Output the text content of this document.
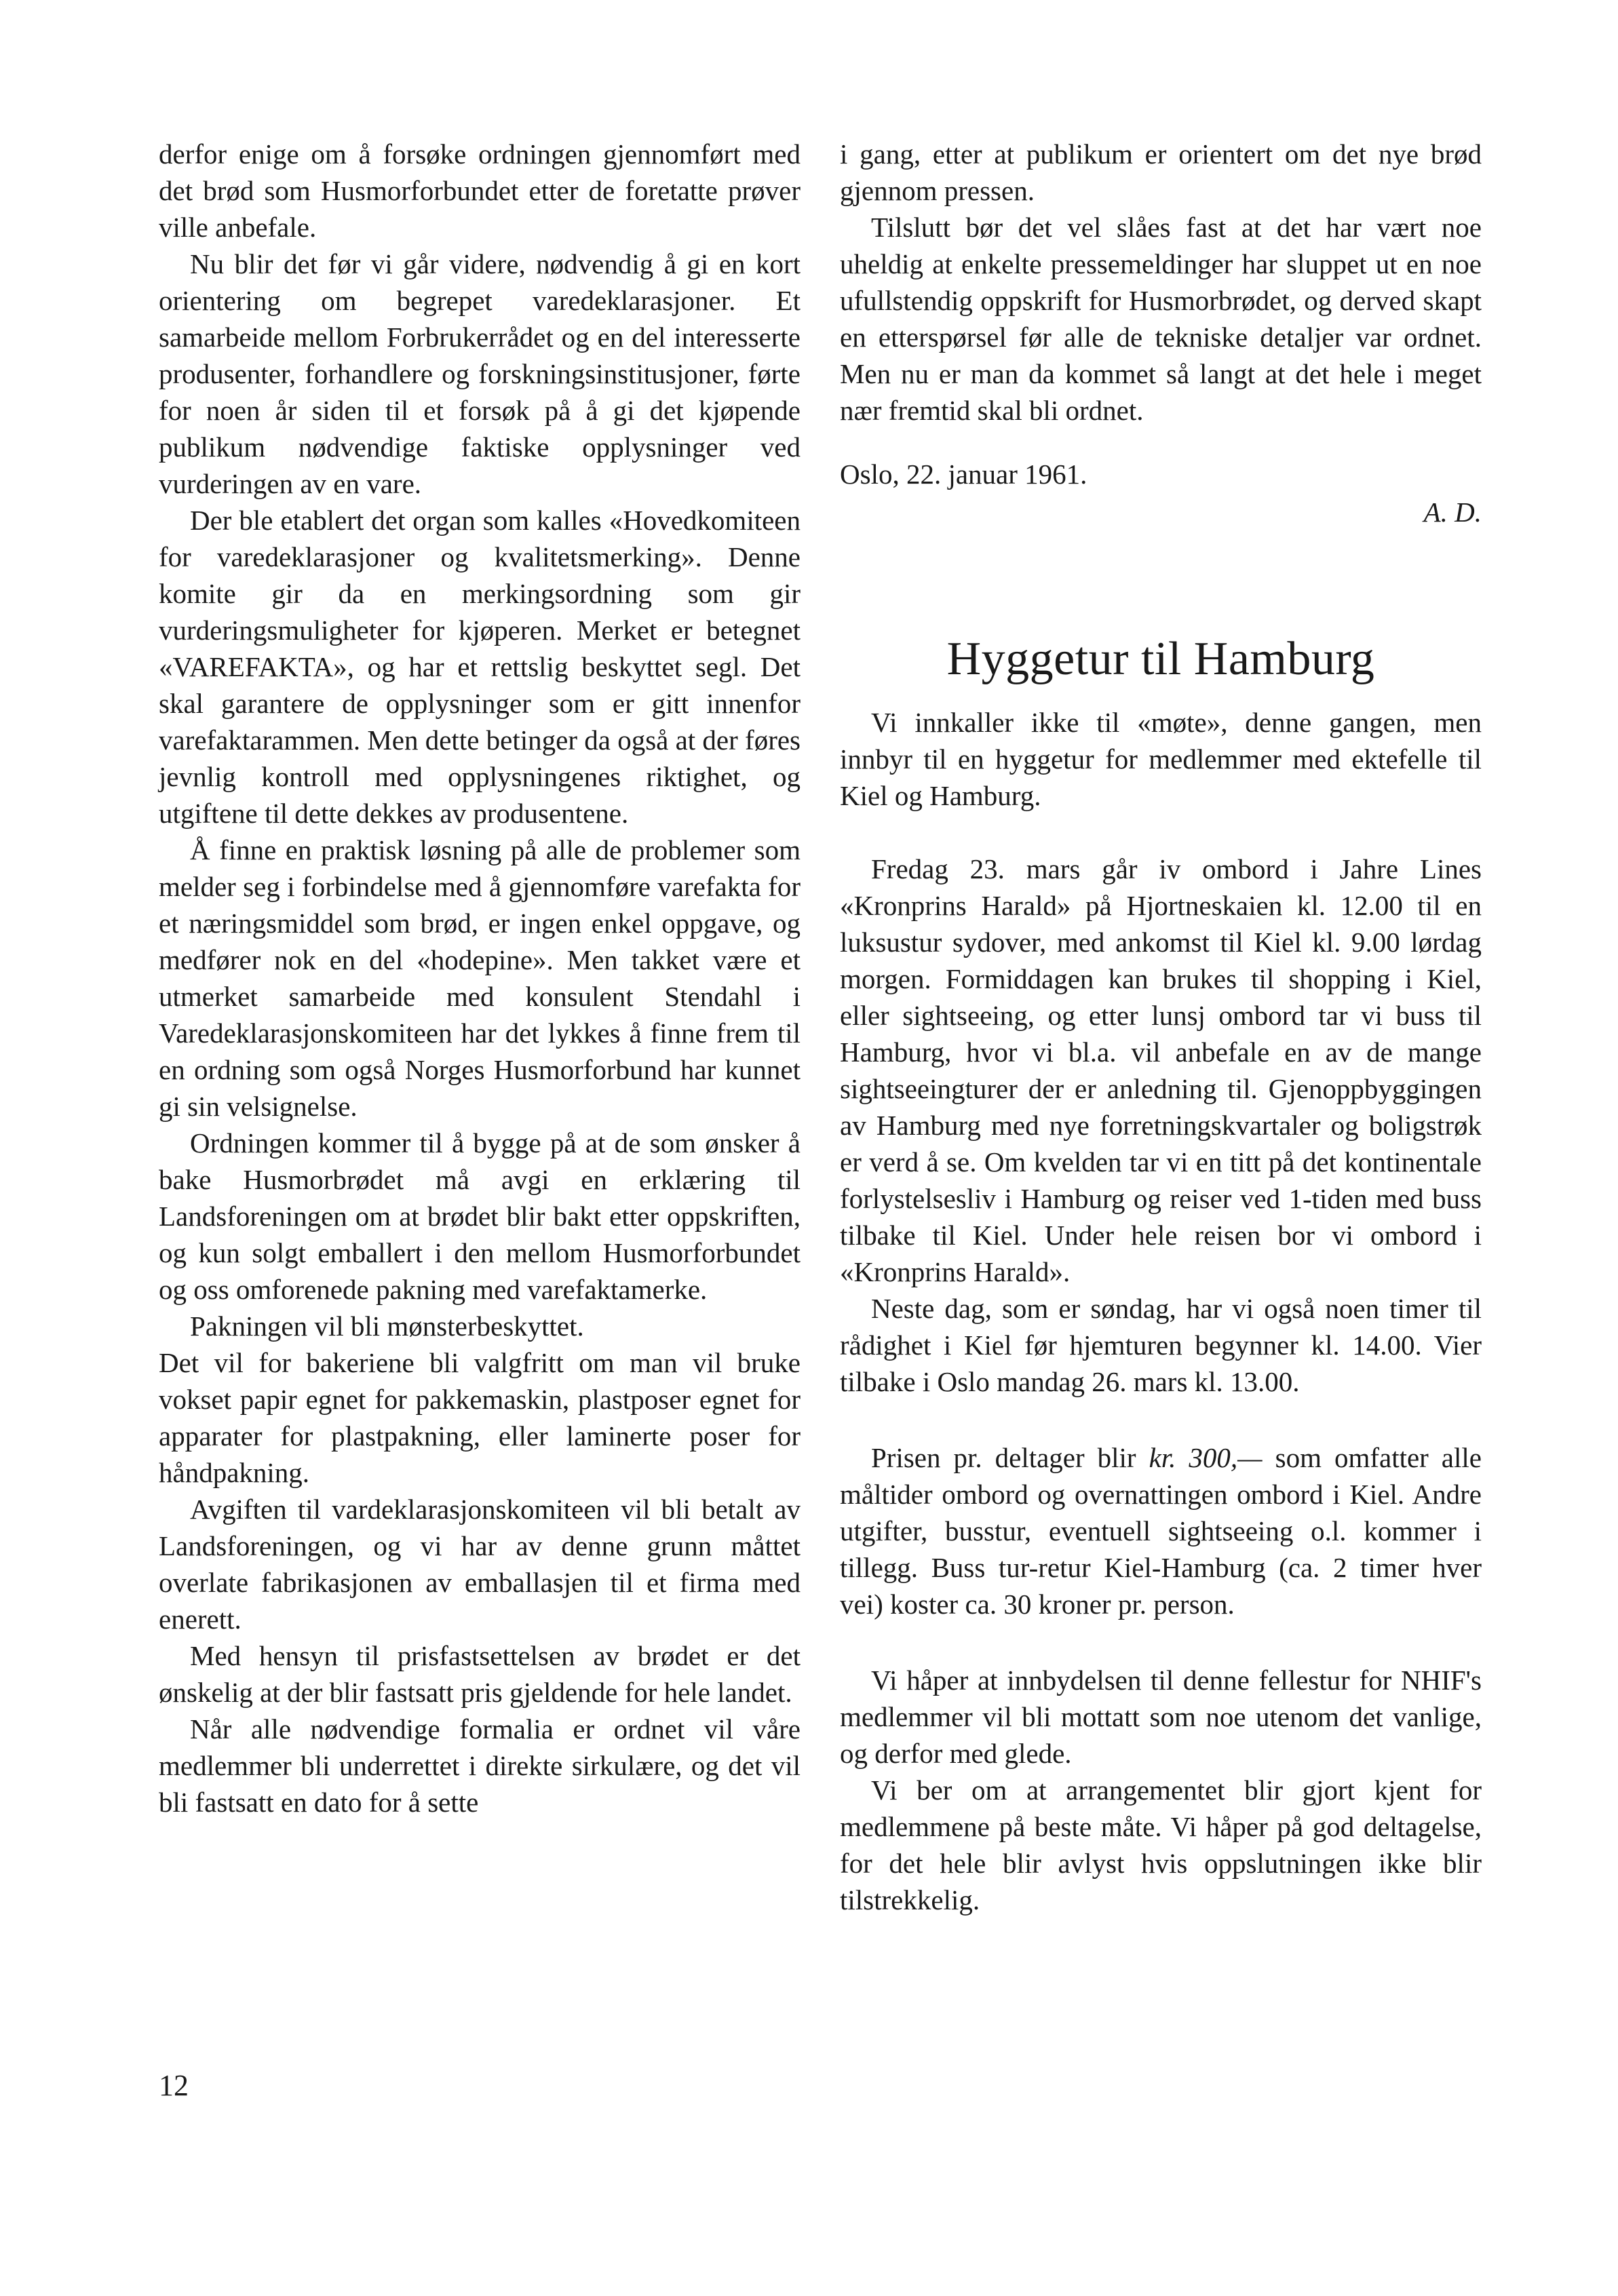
derfor enige om å forsøke ordningen gjennomført med det brød som Husmorforbundet etter de foretatte prøver ville anbefale.

Nu blir det før vi går videre, nødvendig å gi en kort orientering om begrepet varedeklarasjoner. Et samarbeide mellom Forbrukerrådet og en del interesserte produsenter, forhandlere og forskningsinstitusjoner, førte for noen år siden til et forsøk på å gi det kjøpende publikum nødvendige faktiske opplysninger ved vurderingen av en vare.

Der ble etablert det organ som kalles «Hovedkomiteen for varedeklarasjoner og kvalitetsmerking». Denne komite gir da en merkingsordning som gir vurderingsmuligheter for kjøperen. Merket er betegnet «VAREFAKTA», og har et rettslig beskyttet segl. Det skal garantere de opplysninger som er gitt innenfor varefaktarammen. Men dette betinger da også at der føres jevnlig kontroll med opplysningenes riktighet, og utgiftene til dette dekkes av produsentene.

Å finne en praktisk løsning på alle de problemer som melder seg i forbindelse med å gjennomføre varefakta for et næringsmiddel som brød, er ingen enkel oppgave, og medfører nok en del «hodepine». Men takket være et utmerket samarbeide med konsulent Stendahl i Varedeklarasjonskomiteen har det lykkes å finne frem til en ordning som også Norges Husmorforbund har kunnet gi sin velsignelse.

Ordningen kommer til å bygge på at de som ønsker å bake Husmorbrødet må avgi en erklæring til Landsforeningen om at brødet blir bakt etter oppskriften, og kun solgt emballert i den mellom Husmorforbundet og oss omforenede pakning med varefaktamerke.

Pakningen vil bli mønsterbeskyttet.

Det vil for bakeriene bli valgfritt om man vil bruke vokset papir egnet for pakkemaskin, plastposer egnet for apparater for plastpakning, eller laminerte poser for håndpakning.

Avgiften til vardeklarasjonskomiteen vil bli betalt av Landsforeningen, og vi har av denne grunn måttet overlate fabrikasjonen av emballasjen til et firma med enerett.

Med hensyn til prisfastsettelsen av brødet er det ønskelig at der blir fastsatt pris gjeldende for hele landet.

Når alle nødvendige formalia er ordnet vil våre medlemmer bli underrettet i direkte sirkulære, og det vil bli fastsatt en dato for å sette

i gang, etter at publikum er orientert om det nye brød gjennom pressen.

Tilslutt bør det vel slåes fast at det har vært noe uheldig at enkelte pressemeldinger har sluppet ut en noe ufullstendig oppskrift for Husmorbrødet, og derved skapt en etterspørsel før alle de tekniske detaljer var ordnet. Men nu er man da kommet så langt at det hele i meget nær fremtid skal bli ordnet.

Oslo, 22. januar 1961.

A. D.

Hyggetur til Hamburg

Vi innkaller ikke til «møte», denne gangen, men innbyr til en hyggetur for medlemmer med ektefelle til Kiel og Hamburg.

Fredag 23. mars går iv ombord i Jahre Lines «Kronprins Harald» på Hjortneskaien kl. 12.00 til en luksustur sydover, med ankomst til Kiel kl. 9.00 lørdag morgen. Formiddagen kan brukes til shopping i Kiel, eller sightseeing, og etter lunsj ombord tar vi buss til Hamburg, hvor vi bl.a. vil anbefale en av de mange sightseeingturer der er anledning til. Gjenoppbyggingen av Hamburg med nye forretningskvartaler og boligstrøk er verd å se. Om kvelden tar vi en titt på det kontinentale forlystelsesliv i Hamburg og reiser ved 1-tiden med buss tilbake til Kiel. Under hele reisen bor vi ombord i «Kronprins Harald».

Neste dag, som er søndag, har vi også noen timer til rådighet i Kiel før hjemturen begynner kl. 14.00. Vier tilbake i Oslo mandag 26. mars kl. 13.00.

Prisen pr. deltager blir kr. 300,— som omfatter alle måltider ombord og overnattingen ombord i Kiel. Andre utgifter, busstur, eventuell sightseeing o.l. kommer i tillegg. Buss tur-retur Kiel-Hamburg (ca. 2 timer hver vei) koster ca. 30 kroner pr. person.

Vi håper at innbydelsen til denne fellestur for NHIF's medlemmer vil bli mottatt som noe utenom det vanlige, og derfor med glede.

Vi ber om at arrangementet blir gjort kjent for medlemmene på beste måte. Vi håper på god deltagelse, for det hele blir avlyst hvis oppslutningen ikke blir tilstrekkelig.

12
